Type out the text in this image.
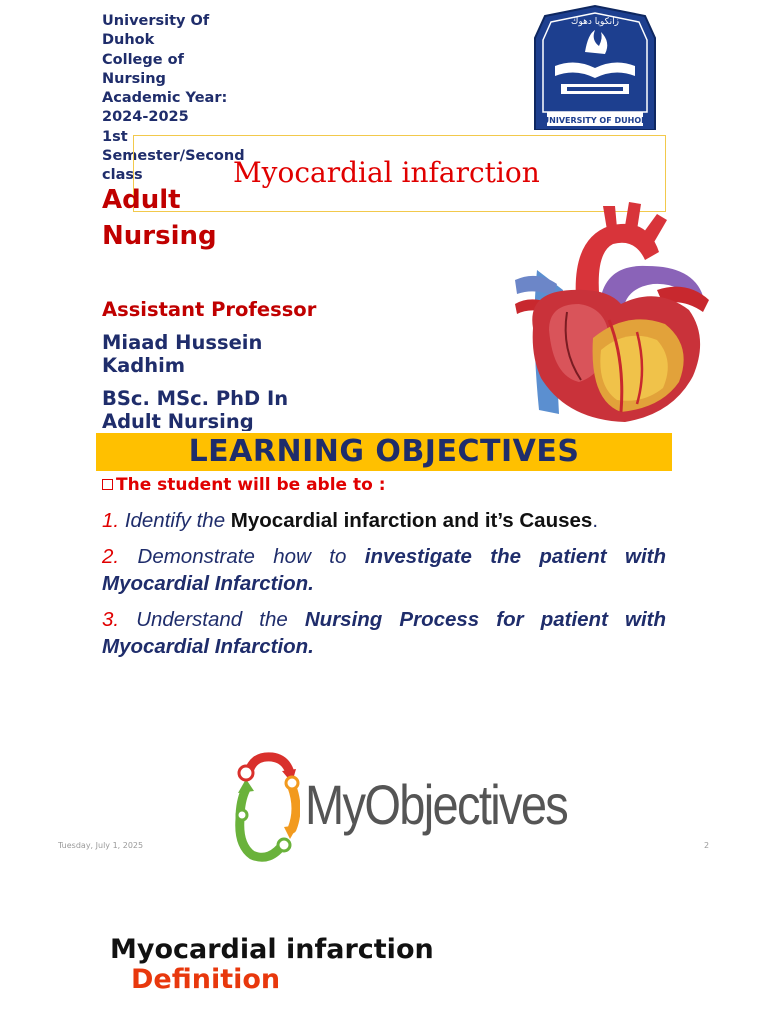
University Of
Duhok
College of
Nursing
Academic Year:
2024-2025
1st
Semester/Second
class
زانكويا دهوك
UNIVERSITY OF DUHOK
Myocardial infarction
Adult
Nursing
Assistant Professor
Miaad Hussein
Kadhim
BSc. MSc. PhD In
Adult Nursing
LEARNING OBJECTIVES
The student will be able to :
1. Identify the Myocardial infarction and it’s Causes.
2. Demonstrate how to investigate the patient with Myocardial Infarction.
3. Understand the Nursing Process for patient with Myocardial Infarction.
MyObjectives
Tuesday, July 1, 2025	2
Myocardial infarction
Definition
